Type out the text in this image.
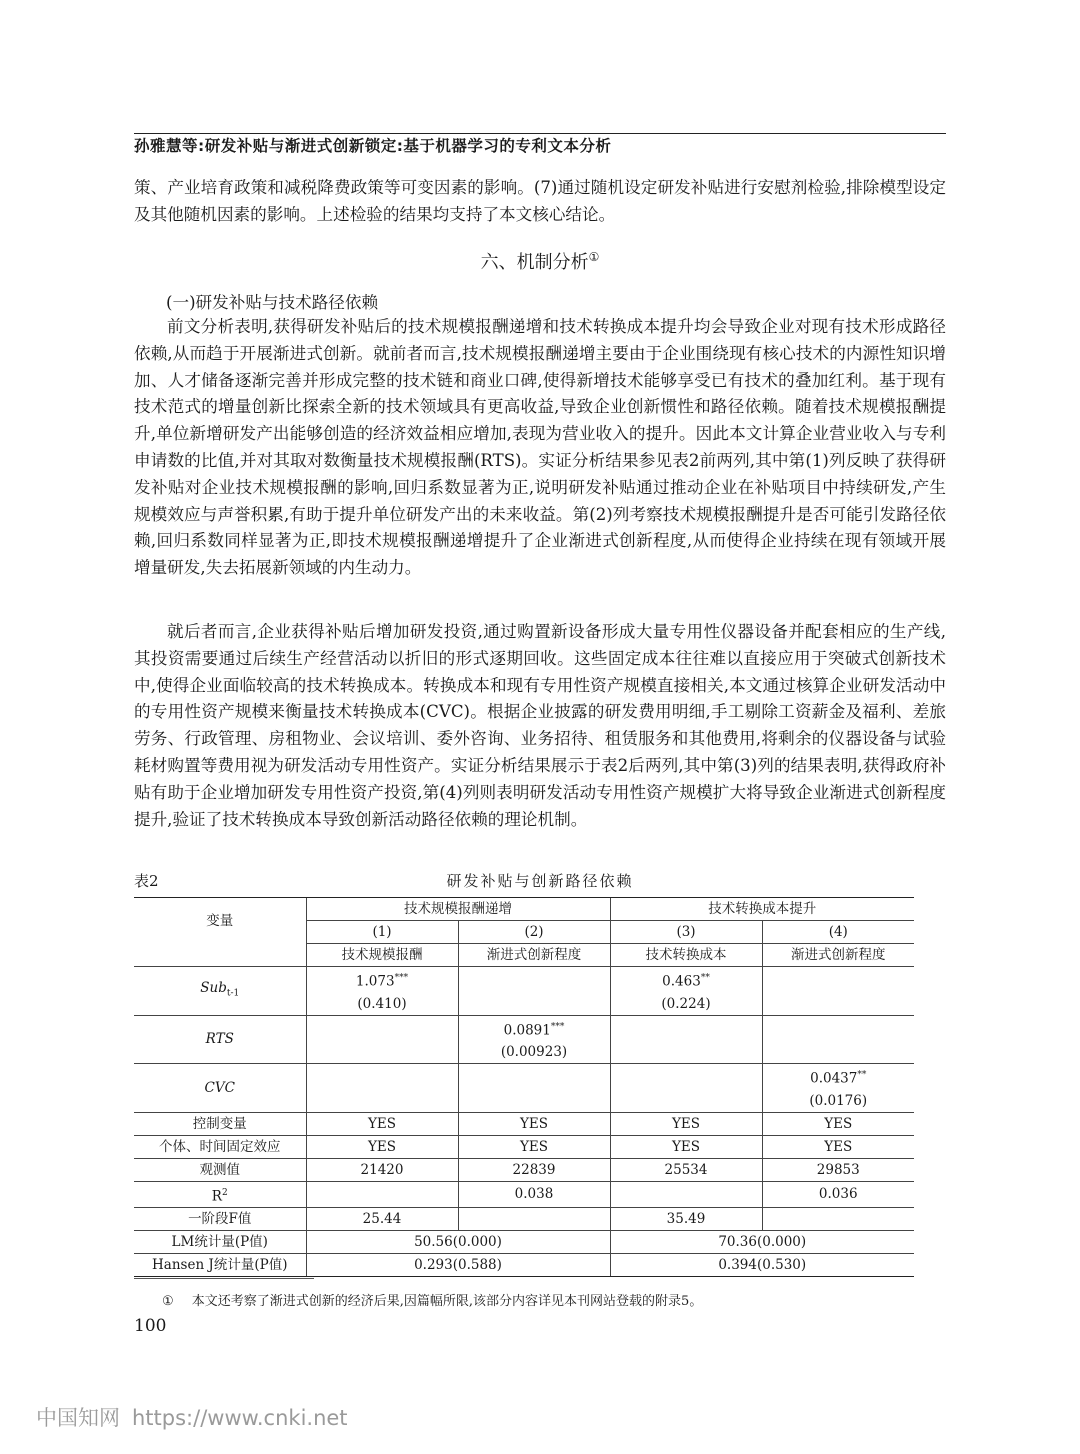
孙雅慧等:研发补贴与渐进式创新锁定:基于机器学习的专利文本分析

策、产业培育政策和减税降费政策等可变因素的影响。(7)通过随机设定研发补贴进行安慰剂检验,排除模型设定及其他随机因素的影响。上述检验的结果均支持了本文核心结论。

六、机制分析①
(一)研发补贴与技术路径依赖

前文分析表明,获得研发补贴后的技术规模报酬递增和技术转换成本提升均会导致企业对现有技术形成路径依赖,从而趋于开展渐进式创新。就前者而言,技术规模报酬递增主要由于企业围绕现有核心技术的内源性知识增加、人才储备逐渐完善并形成完整的技术链和商业口碑,使得新增技术能够享受已有技术的叠加红利。基于现有技术范式的增量创新比探索全新的技术领域具有更高收益,导致企业创新惯性和路径依赖。随着技术规模报酬提升,单位新增研发产出能够创造的经济效益相应增加,表现为营业收入的提升。因此本文计算企业营业收入与专利申请数的比值,并对其取对数衡量技术规模报酬(RTS)。实证分析结果参见表2前两列,其中第(1)列反映了获得研发补贴对企业技术规模报酬的影响,回归系数显著为正,说明研发补贴通过推动企业在补贴项目中持续研发,产生规模效应与声誉积累,有助于提升单位研发产出的未来收益。第(2)列考察技术规模报酬提升是否可能引发路径依赖,回归系数同样显著为正,即技术规模报酬递增提升了企业渐进式创新程度,从而使得企业持续在现有领域开展增量研发,失去拓展新领域的内生动力。

就后者而言,企业获得补贴后增加研发投资,通过购置新设备形成大量专用性仪器设备并配套相应的生产线,其投资需要通过后续生产经营活动以折旧的形式逐期回收。这些固定成本往往难以直接应用于突破式创新技术中,使得企业面临较高的技术转换成本。转换成本和现有专用性资产规模直接相关,本文通过核算企业研发活动中的专用性资产规模来衡量技术转换成本(CVC)。根据企业披露的研发费用明细,手工剔除工资薪金及福利、差旅劳务、行政管理、房租物业、会议培训、委外咨询、业务招待、租赁服务和其他费用,将剩余的仪器设备与试验耗材购置等费用视为研发活动专用性资产。实证分析结果展示于表2后两列,其中第(3)列的结果表明,获得政府补贴有助于企业增加研发专用性资产投资,第(4)列则表明研发活动专用性资产规模扩大将导致企业渐进式创新程度提升,验证了技术转换成本导致创新活动路径依赖的理论机制。

表2	研发补贴与创新路径依赖
变量	技术规模报酬递增		技术转换成本提升	
	(1)	(2)	(3)	(4)
	技术规模报酬	渐进式创新程度	技术转换成本	渐进式创新程度
Sub$_{t-1}$	1.073***		0.463**	
	(0.410)		(0.224)	
RTS		0.0891***		
		(0.00923)		
CVC				0.0437**
				(0.0176)
控制变量	YES	YES	YES	YES
个体、时间固定效应	YES	YES	YES	YES
观测值	21420	22839	25534	29853
$R^2$		0.038		0.036
一阶段F值	25.44		35.49	
LM统计量(P值)	50.56(0.000)		70.36(0.000)	
Hansen J统计量(P值)	0.293(0.588)		0.394(0.530)	
① 本文还考察了渐进式创新的经济后果,因篇幅所限,该部分内容详见本刊网站登载的附录5。
100
中国知网 https://www.cnki.net
